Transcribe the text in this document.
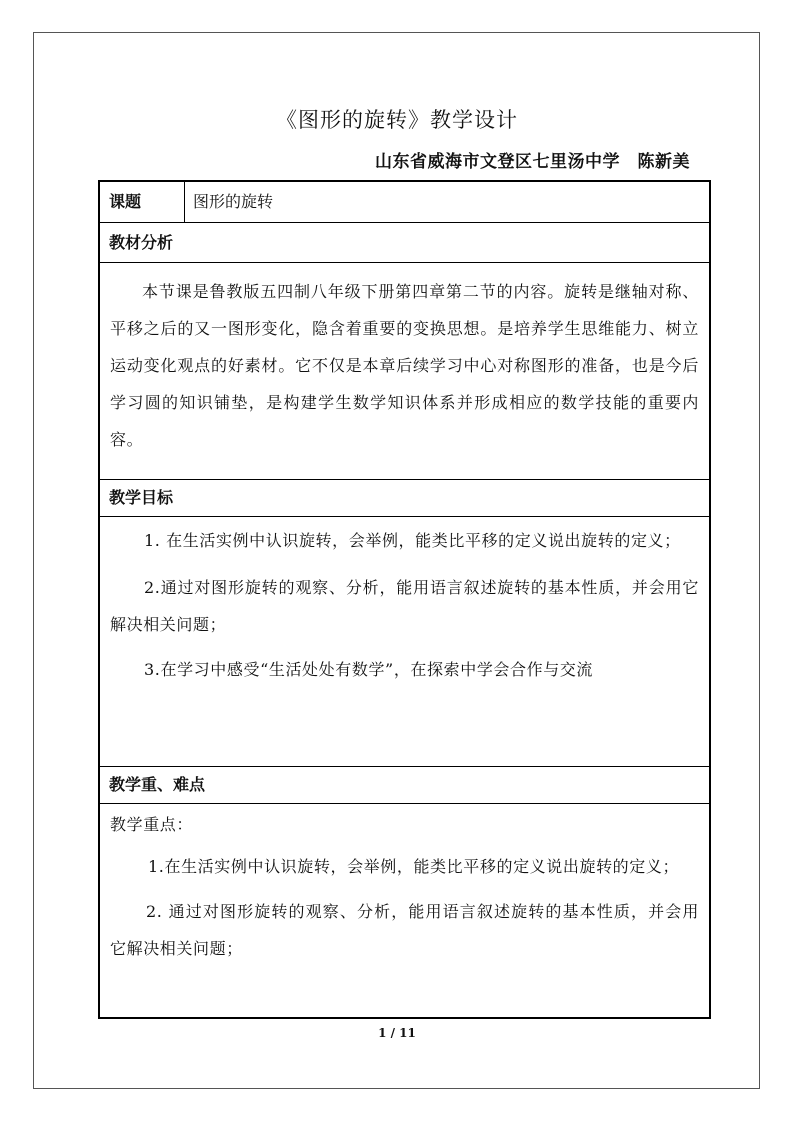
《图形的旋转》教学设计
山东省威海市文登区七里汤中学　陈新美
课题	图形的旋转
教材分析

本节课是鲁教版五四制八年级下册第四章第二节的内容。旋转是继轴对称、平移之后的又一图形变化，隐含着重要的变换思想。是培养学生思维能力、树立运动变化观点的好素材。它不仅是本章后续学习中心对称图形的准备，也是今后学习圆的知识铺垫，是构建学生数学知识体系并形成相应的数学技能的重要内容。

教学目标

1. 在生活实例中认识旋转，会举例，能类比平移的定义说出旋转的定义；

2.通过对图形旋转的观察、分析，能用语言叙述旋转的基本性质，并会用它解决相关问题；

3.在学习中感受“生活处处有数学”，在探索中学会合作与交流

教学重、难点

教学重点：

1.在生活实例中认识旋转，会举例，能类比平移的定义说出旋转的定义；

2. 通过对图形旋转的观察、分析，能用语言叙述旋转的基本性质，并会用它解决相关问题；

1 / 11
